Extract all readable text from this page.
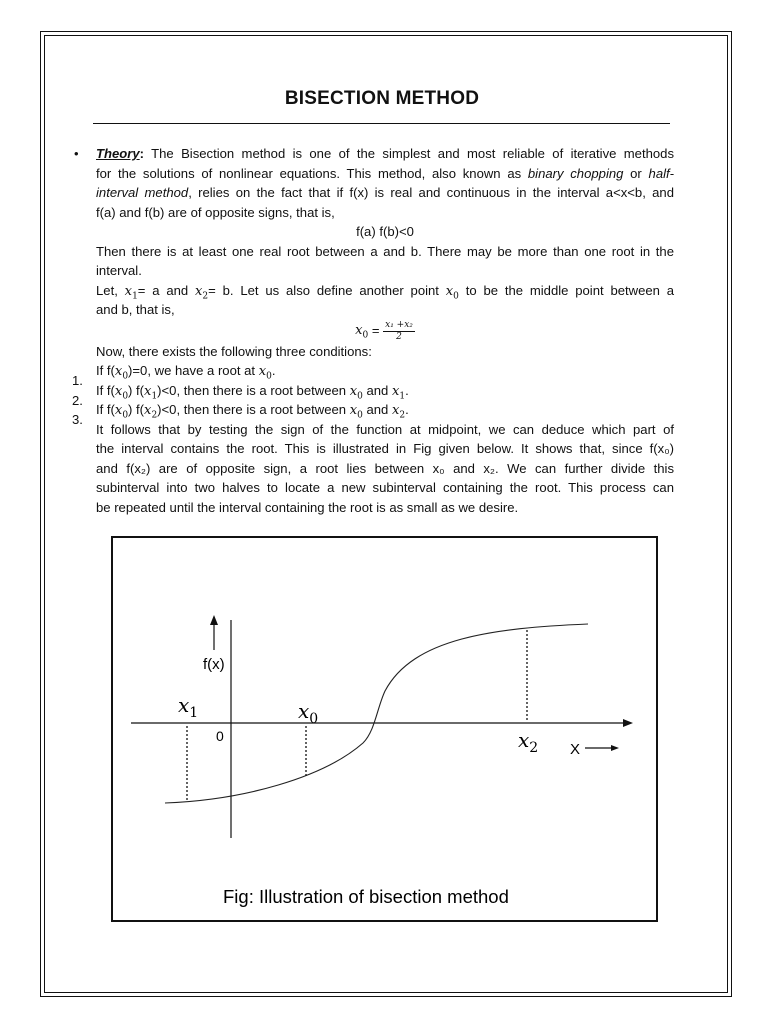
BISECTION METHOD
• Theory: The Bisection method is one of the simplest and most reliable of iterative methods
for the solutions of nonlinear equations. This method, also known as binary chopping or half-
interval method, relies on the fact that if f(x) is real and continuous in the interval a<x<b, and
f(a) and f(b) are of opposite signs, that is,
f(a) f(b)<0
Then there is at least one real root between a and b. There may be more than one root in the
interval.
Let, $x_1= a$ and $x_2= b$. Let us also define another point $x_0$ to be the middle point between a
and b, that is,
$x_0 = \frac{\text{x₁ +x₂}}{2}$
Now, there exists the following three conditions:
If $f(x_0)=0$, we have a root at $x_0$.
If $f(x_0)$ $f(x_1)<0$, then there is a root between $x_0$ and $x_1$.
If $f(x_0)$ $f(x_2)<0$, then there is a root between $x_0$ and $x_2$.
It follows that by testing the sign of the function at midpoint, we can deduce which part of
the interval contains the root. This is illustrated in Fig given below. It shows that, since f(x₀)
and f(x₂) are of opposite sign, a root lies between x₀ and x₂. We can further divide this
subinterval into two halves to locate a new subinterval containing the root. This process can
be repeated until the interval containing the root is as small as we desire.
1.
2.
3.
f(x)
X
0
$x_1$	$x_0$
$x_2$
Fig: Illustration of bisection method
